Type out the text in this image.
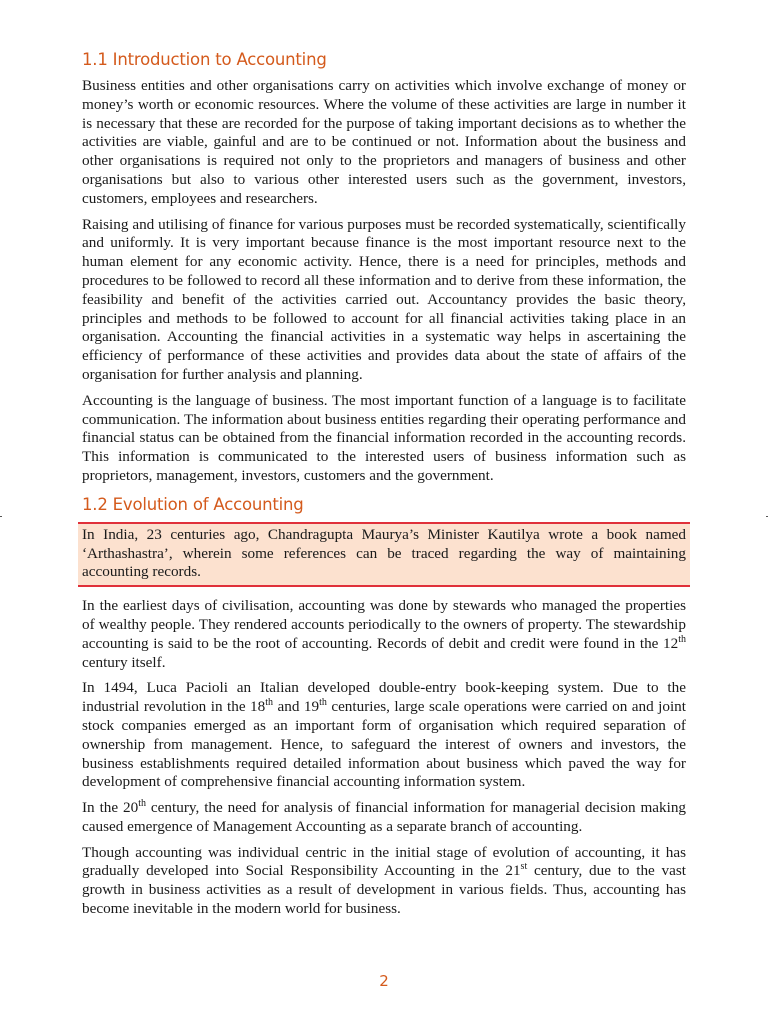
1.1 Introduction to Accounting

Business entities and other organisations carry on activities which involve exchange of money or money’s worth or economic resources. Where the volume of these activities are large in number it is necessary that these are recorded for the purpose of taking important decisions as to whether the activities are viable, gainful and are to be continued or not. Information about the business and other organisations is required not only to the proprietors and managers of business and other organisations but also to various other interested users such as the government, investors, customers, employees and researchers.

Raising and utilising of finance for various purposes must be recorded systematically, scientifically and uniformly. It is very important because finance is the most important resource next to the human element for any economic activity. Hence, there is a need for principles, methods and procedures to be followed to record all these information and to derive from these information, the feasibility and benefit of the activities carried out. Accountancy provides the basic theory, principles and methods to be followed to account for all financial activities taking place in an organisation. Accounting the financial activities in a systematic way helps in ascertaining the efficiency of performance of these activities and provides data about the state of affairs of the organisation for further analysis and planning.

Accounting is the language of business. The most important function of a language is to facilitate communication. The information about business entities regarding their operating performance and financial status can be obtained from the financial information recorded in the accounting records. This information is communicated to the interested users of business information such as proprietors, management, investors, customers and the government.

1.2 Evolution of Accounting

In India, 23 centuries ago, Chandragupta Maurya’s Minister Kautilya wrote a book named ‘Arthashastra’, wherein some references can be traced regarding the way of maintaining accounting records.

In the earliest days of civilisation, accounting was done by stewards who managed the properties of wealthy people. They rendered accounts periodically to the owners of property. The stewardship accounting is said to be the root of accounting. Records of debit and credit were found in the 12th century itself.

In 1494, Luca Pacioli an Italian developed double-entry book-keeping system. Due to the industrial revolution in the 18th and 19th centuries, large scale operations were carried on and joint stock companies emerged as an important form of organisation which required separation of ownership from management. Hence, to safeguard the interest of owners and investors, the business establishments required detailed information about business which paved the way for development of comprehensive financial accounting information system.

In the 20th century, the need for analysis of financial information for managerial decision making caused emergence of Management Accounting as a separate branch of accounting.

Though accounting was individual centric in the initial stage of evolution of accounting, it has gradually developed into Social Responsibility Accounting in the 21st century, due to the vast growth in business activities as a result of development in various fields. Thus, accounting has become inevitable in the modern world for business.

2
